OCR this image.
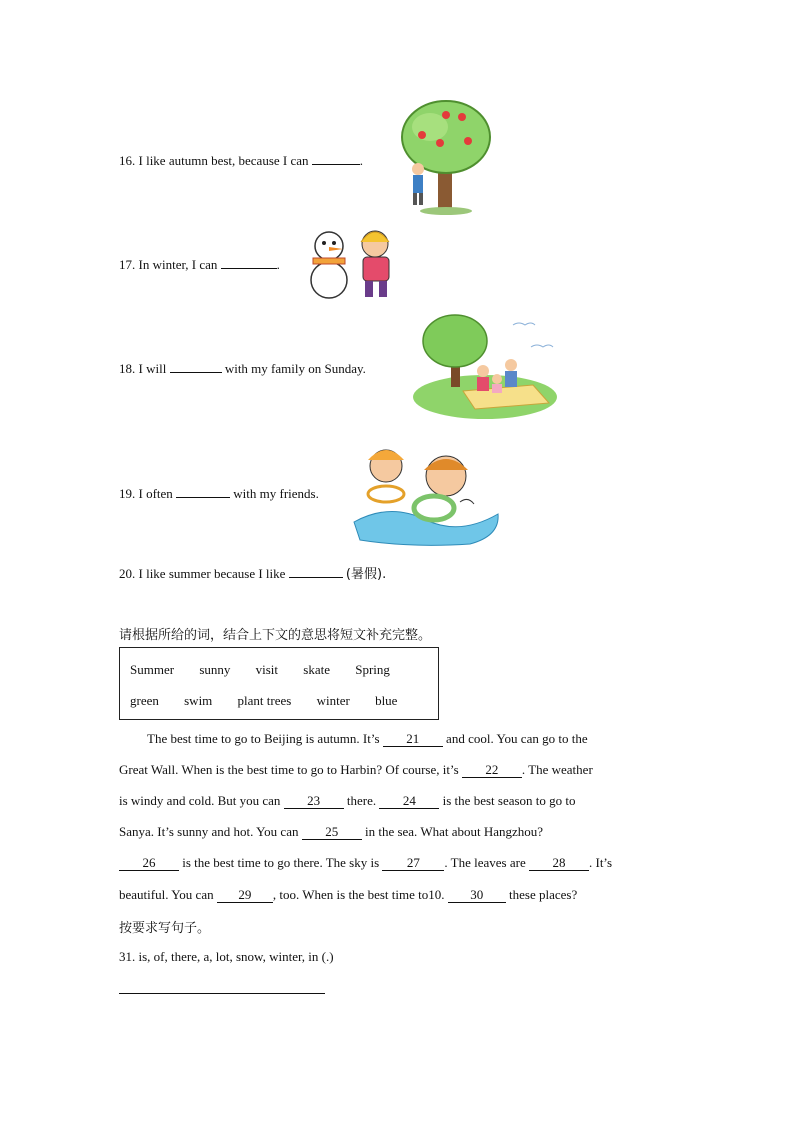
16. I like autumn best, because I can	.
17. In winter, I can	.
18. I will	with my family on Sunday.
19. I often	with my friends.
20. I like summer because I like	(暑假).
请根据所给的词，结合上下文的意思将短文补充完整。
Summer sunny visit skate Spring
green swim plant trees winter blue
The best time to go to Beijing is autumn. It’s 21 and cool. You can go to the
Great Wall. When is the best time to go to Harbin? Of course, it’s 22 . The weather
is windy and cold. But you can 23 there. 24 is the best season to go to
Sanya. It’s sunny and hot. You can 25 in the sea. What about Hangzhou?
26 is the best time to go there. The sky is 27 . The leaves are 28 . It’s
beautiful. You can 29 , too. When is the best time to10. 30 these places?
按要求写句子。
31. is, of, there, a, lot, snow, winter, in (.)
